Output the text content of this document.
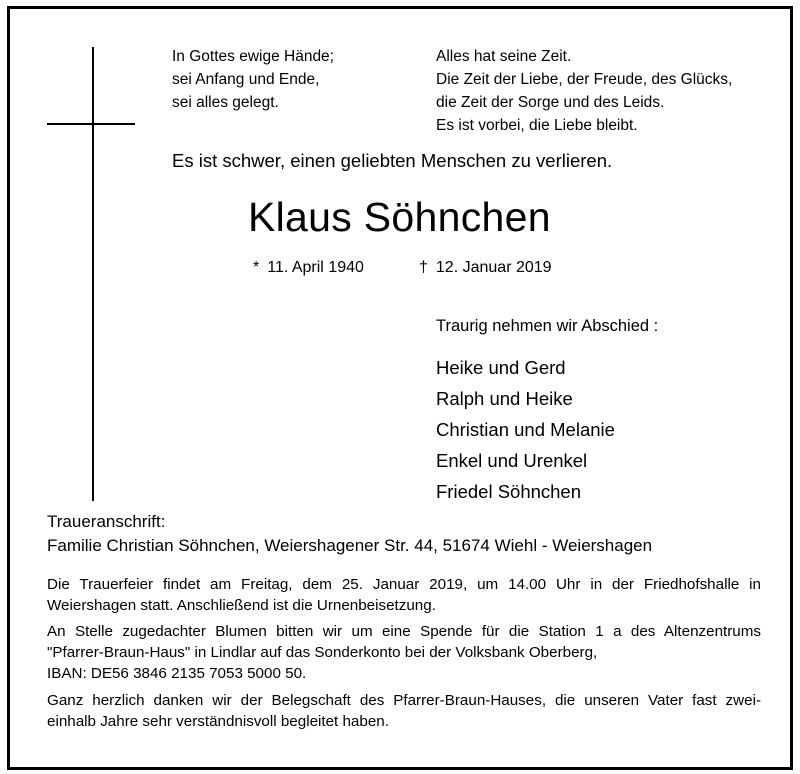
In Gottes ewige Hände;
sei Anfang und Ende,
sei alles gelegt.
Alles hat seine Zeit.
Die Zeit der Liebe, der Freude, des Glücks,
die Zeit der Sorge und des Leids.
Es ist vorbei, die Liebe bleibt.
Es ist schwer, einen geliebten Menschen zu verlieren.
Klaus Söhnchen
* 11. April 1940	† 12. Januar 2019
Traurig nehmen wir Abschied :
Heike und Gerd
Ralph und Heike
Christian und Melanie
Enkel und Urenkel
Friedel Söhnchen
Traueranschrift:
Familie Christian Söhnchen, Weiershagener Str. 44, 51674 Wiehl - Weiershagen
Die Trauerfeier findet am Freitag, dem 25. Januar 2019, um 14.00 Uhr in der Friedhofshalle in
Weiershagen statt. Anschließend ist die Urnenbeisetzung.
An Stelle zugedachter Blumen bitten wir um eine Spende für die Station 1 a des Altenzentrums
"Pfarrer-Braun-Haus" in Lindlar auf das Sonderkonto bei der Volksbank Oberberg,
IBAN: DE56 3846 2135 7053 5000 50.
Ganz herzlich danken wir der Belegschaft des Pfarrer-Braun-Hauses, die unseren Vater fast zwei-
einhalb Jahre sehr verständnisvoll begleitet haben.
